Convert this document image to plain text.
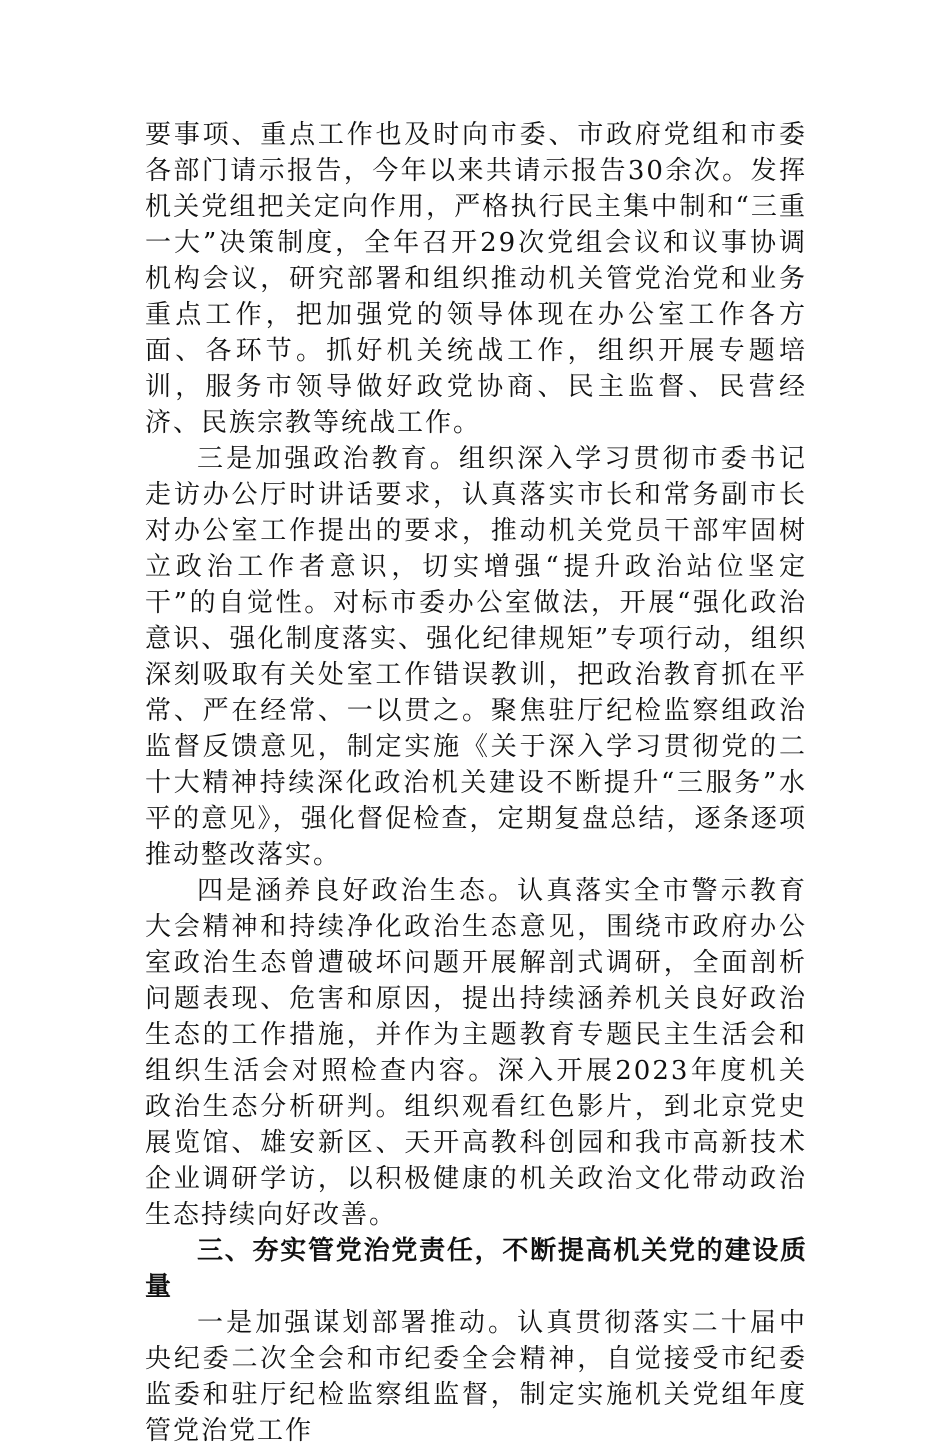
要事项、重点工作也及时向市委、市政府党组和市委各部门请示报告，今年以来共请示报告30余次。发挥机关党组把关定向作用，严格执行民主集中制和“三重一大”决策制度，全年召开29次党组会议和议事协调机构会议，研究部署和组织推动机关管党治党和业务重点工作，把加强党的领导体现在办公室工作各方面、各环节。抓好机关统战工作，组织开展专题培训，服务市领导做好政党协商、民主监督、民营经济、民族宗教等统战工作。

三是加强政治教育。组织深入学习贯彻市委书记走访办公厅时讲话要求，认真落实市长和常务副市长对办公室工作提出的要求，推动机关党员干部牢固树立政治工作者意识，切实增强“提升政治站位坚定干”的自觉性。对标市委办公室做法，开展“强化政治意识、强化制度落实、强化纪律规矩”专项行动，组织深刻吸取有关处室工作错误教训，把政治教育抓在平常、严在经常、一以贯之。聚焦驻厅纪检监察组政治监督反馈意见，制定实施《关于深入学习贯彻党的二十大精神持续深化政治机关建设不断提升“三服务”水平的意见》，强化督促检查，定期复盘总结，逐条逐项推动整改落实。

四是涵养良好政治生态。认真落实全市警示教育大会精神和持续净化政治生态意见，围绕市政府办公室政治生态曾遭破坏问题开展解剖式调研，全面剖析问题表现、危害和原因，提出持续涵养机关良好政治生态的工作措施，并作为主题教育专题民主生活会和组织生活会对照检查内容。深入开展2023年度机关政治生态分析研判。组织观看红色影片，到北京党史展览馆、雄安新区、天开高教科创园和我市高新技术企业调研学访，以积极健康的机关政治文化带动政治生态持续向好改善。

三、夯实管党治党责任，不断提高机关党的建设质量

一是加强谋划部署推动。认真贯彻落实二十届中央纪委二次全会和市纪委全会精神，自觉接受市纪委监委和驻厅纪检监察组监督，制定实施机关党组年度管党治党工作
